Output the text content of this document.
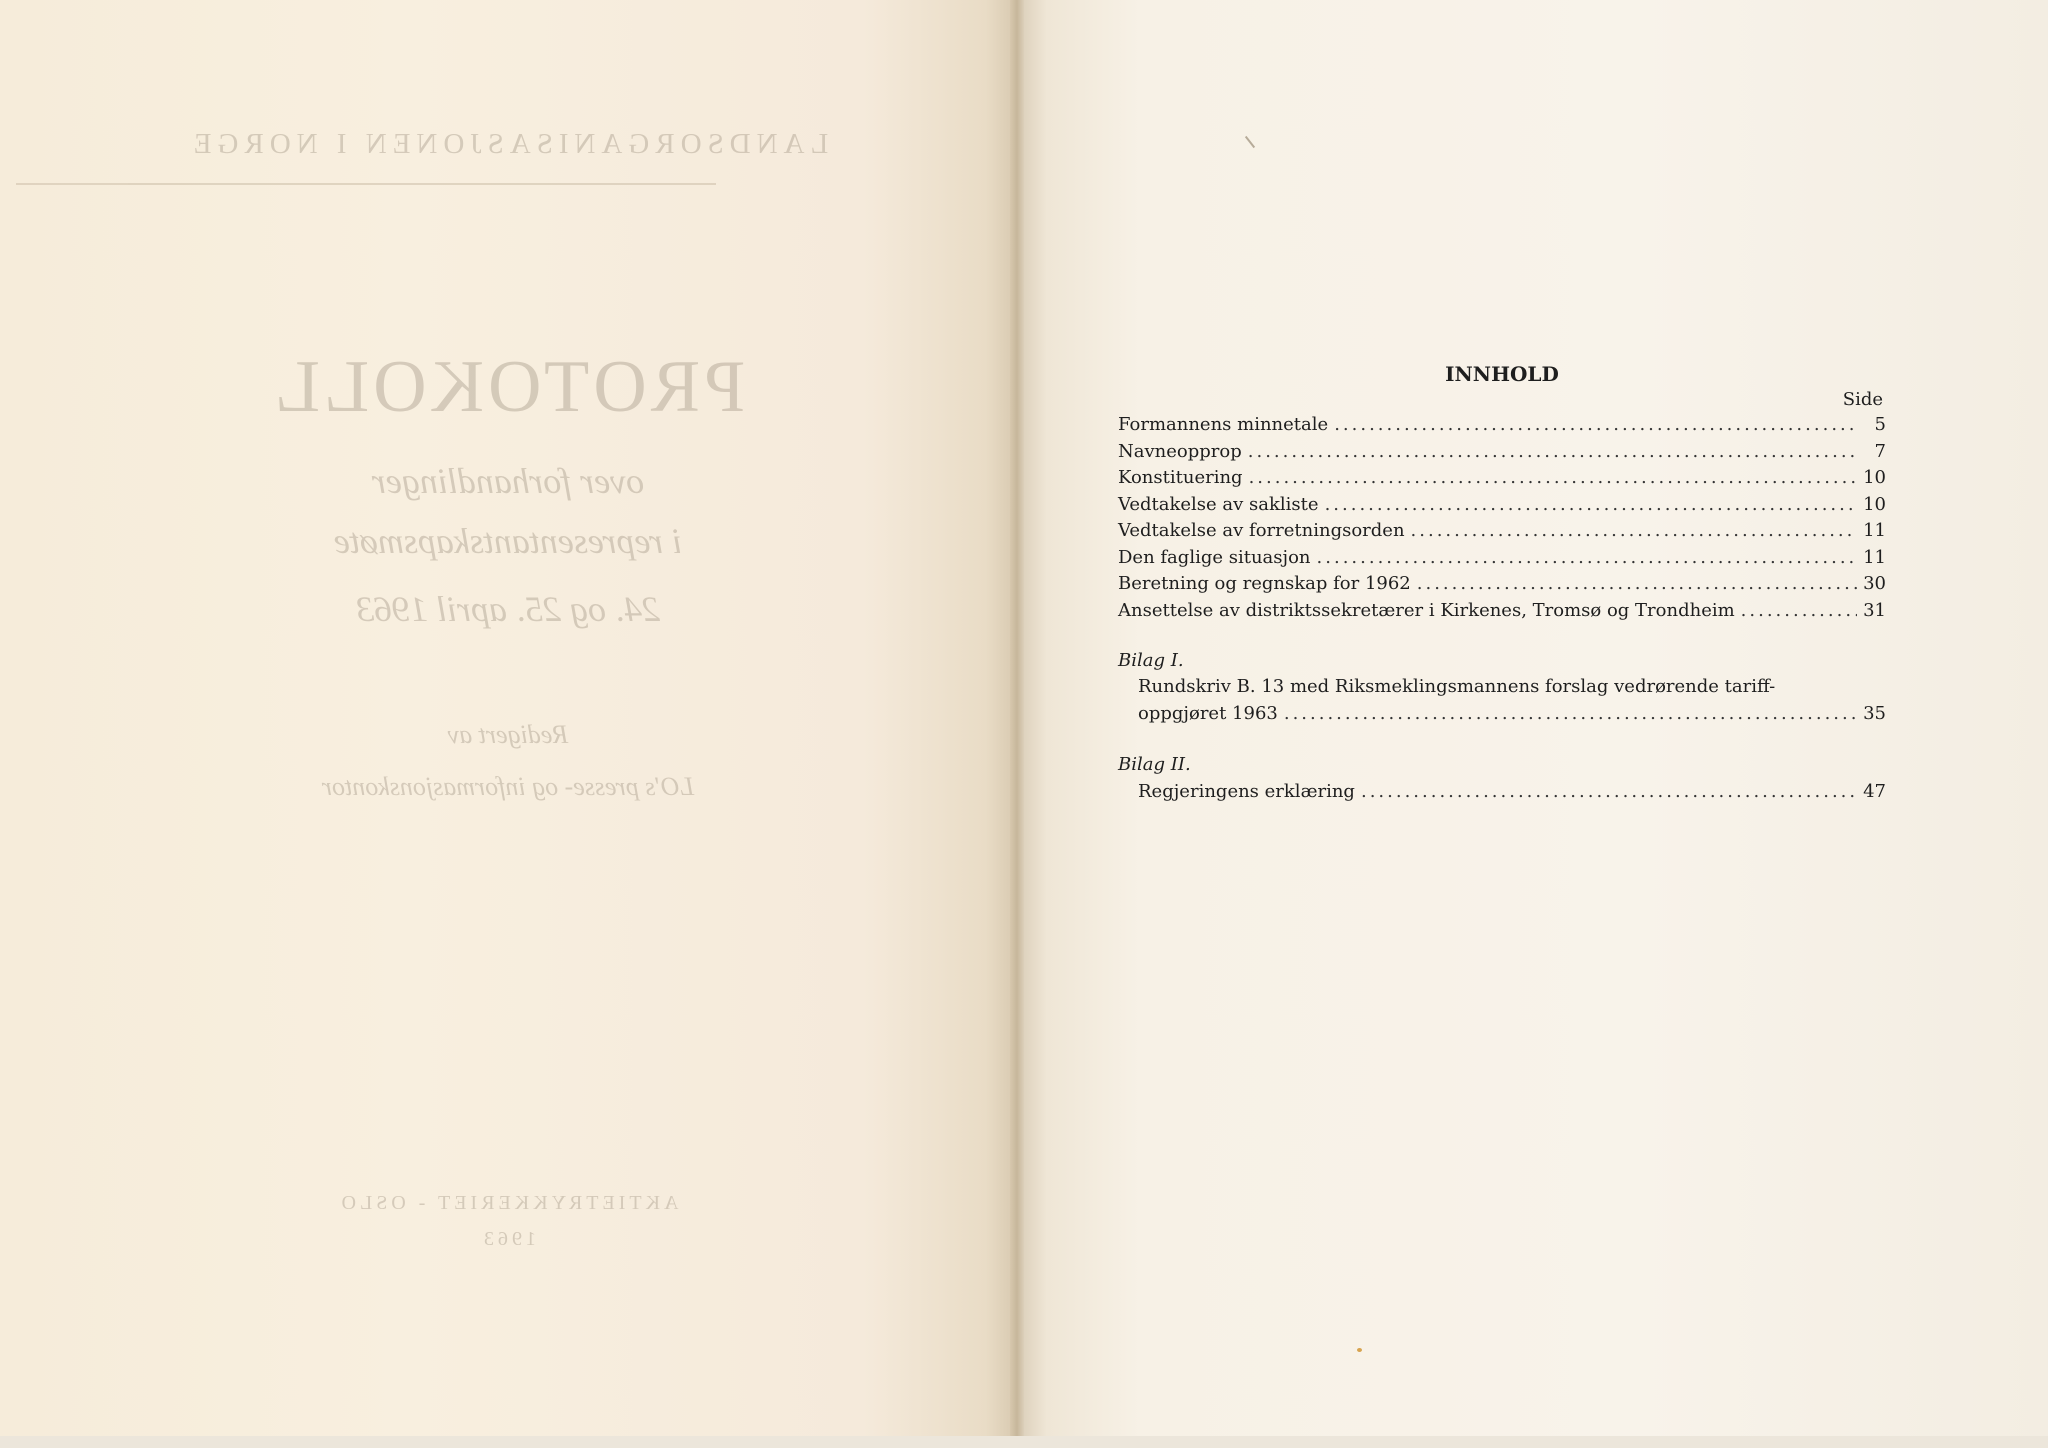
LANDSORGANISASJONEN I NORGE
PROTOKOLL
over forhandlinger
i representantskapsmøte
24. og 25. april 1963
Redigert av
LO's presse- og informasjonskontor
AKTIETRYKKERIET - OSLO
1963

INNHOLD
Side
Formannens minnetale .....	5
Navneopprop .....	7
Konstituering .....	10
Vedtakelse av sakliste .....	10
Vedtakelse av forretningsorden .....	11
Den faglige situasjon .....	11
Beretning og regnskap for 1962 .....	30
Ansettelse av distriktssekretærer i Kirkenes, Tromsø og Trondheim .....	31
Bilag I.
Rundskriv B. 13 med Riksmeklingsmannens forslag vedrørende tariff-
oppgjøret 1963 .....	35
Bilag II.
Regjeringens erklæring .....	47
